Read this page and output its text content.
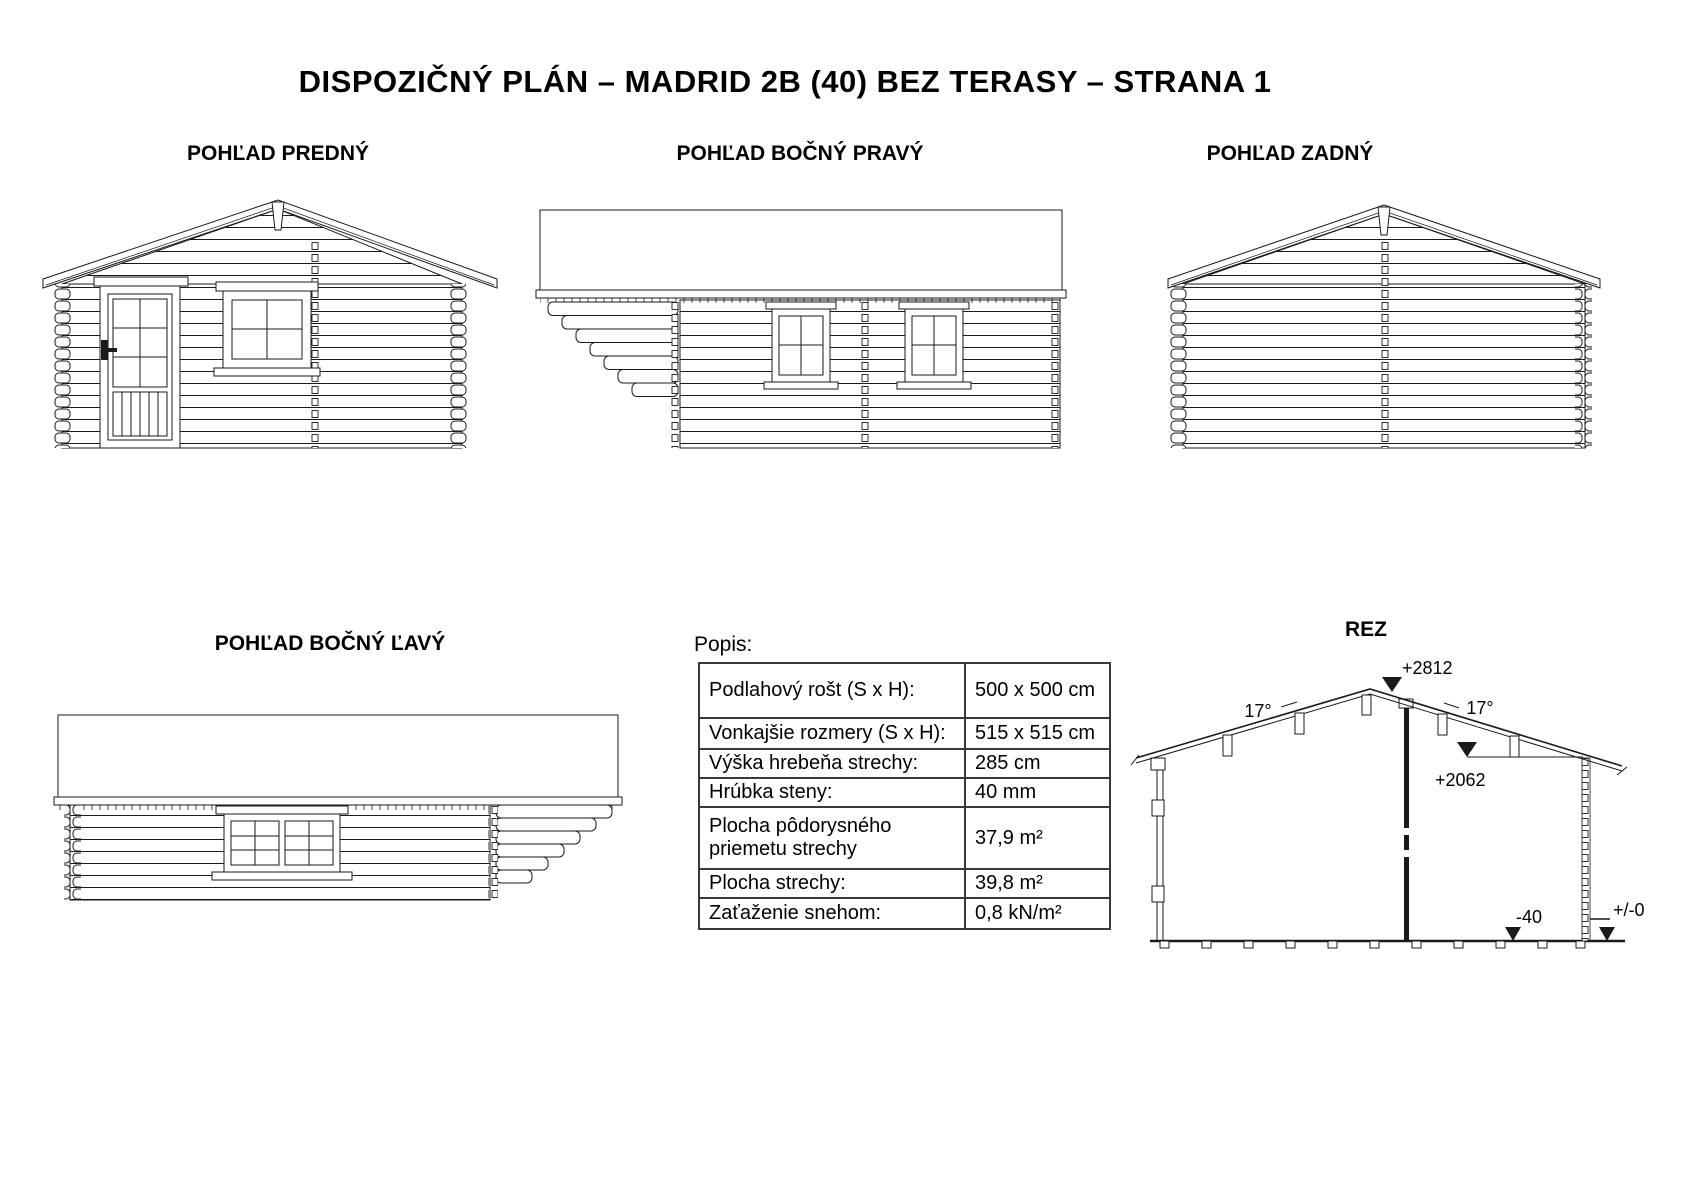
DISPOZIČNÝ PLÁN – MADRID 2B (40) BEZ TERASY – STRANA 1
POHĽAD PREDNÝ	POHĽAD BOČNÝ PRAVÝ	POHĽAD ZADNÝ
POHĽAD BOČNÝ ĽAVÝ
REZ
Popis:
Podlahový rošt (S x H):	500 x 500 cm
Vonkajšie rozmery (S x H):	515 x 515 cm
Výška hrebeňa strechy:	285 cm
Hrúbka steny:	40 mm
Plocha pôdorysného priemetu strechy	37,9 m²
Plocha strechy:	39,8 m²
Zaťaženie snehom:	0,8 kN/m²
+2812
+2062
-40	+/-0
17°	17°
